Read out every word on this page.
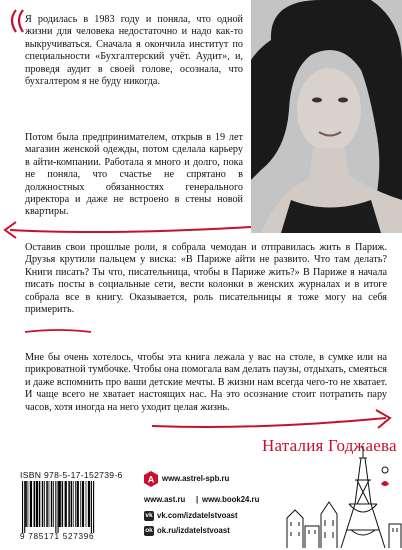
Я родилась в 1983 году и поняла, что одной жизни для человека недостаточно и надо как-то выкручиваться. Сначала я окончила институт по специальности «Бухгалтерский учёт. Аудит», и, проведя аудит в своей голове, осознала, что бухгалтером я не буду никогда.
Потом была предпринимателем, открыв в 19 лет магазин женской одежды, потом сделала карьеру в айти-компании. Работала я много и долго, пока не поняла, что счастье не спрятано в должностных обязанностях генерального директора и даже не встроено в стены новой квартиры.
Оставив свои прошлые роли, я собрала чемодан и отправилась жить в Париж. Друзья крутили пальцем у виска: «В Париже айти не развито. Что там делать? Книги писать? Ты что, писательница, чтобы в Париже жить?» В Париже я начала писать посты в социальные сети, вести колонки в женских журналах и в итоге собрала все в книгу. Оказывается, роль писательницы я тоже могу на себя примерить.
Мне бы очень хотелось, чтобы эта книга лежала у вас на столе, в сумке или на прикроватной тумбочке. Чтобы она помогала вам делать паузы, отдыхать, смеяться и даже вспомнить про ваши детские мечты. В жизни нам всегда чего-то не хватает. И чаще всего не хватает настоящих нас. На это осознание стоит потратить пару часов, хотя иногда на него уходит целая жизнь.
Наталия Годжаева
ISBN 978-5-17-152739-6
9 785171 527396
А www.astrel-spb.ru
www.ast.ru | www.book24.ru
vk vk.com/izdatelstvoast
ok ok.ru/izdatelstvoast
